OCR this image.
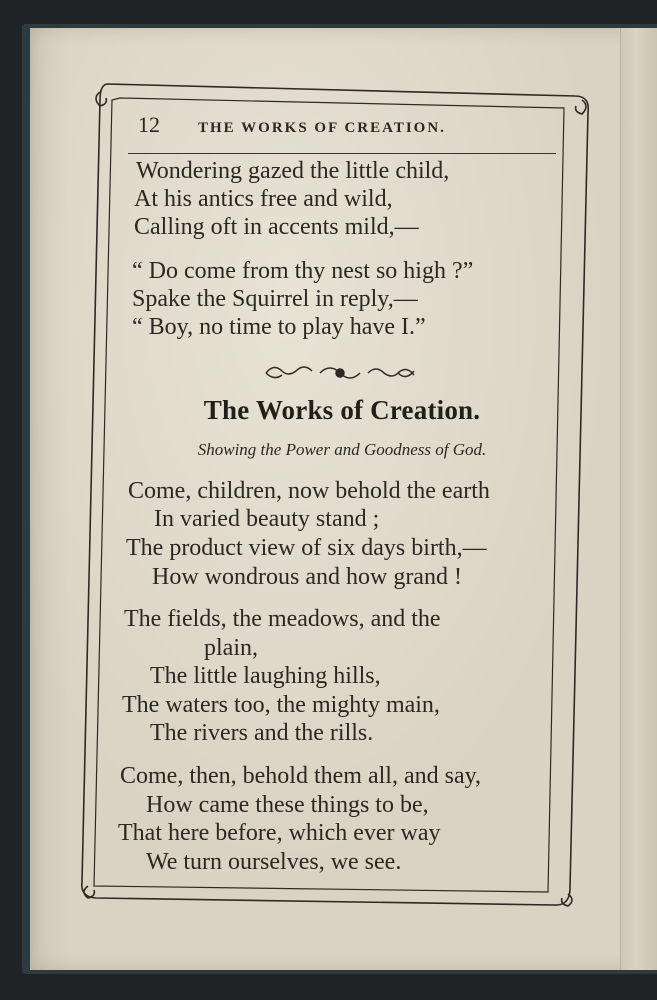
12	THE WORKS OF CREATION.
Wondering gazed the little child,
At his antics free and wild,
Calling oft in accents mild,—
“ Do come from thy nest so high ?”
Spake the Squirrel in reply,—
“ Boy, no time to play have I.”
The Works of Creation.
Showing the Power and Goodness of God.
Come, children, now behold the earth
In varied beauty stand ;
The product view of six days birth,—
How wondrous and how grand !
The fields, the meadows, and the
plain,
The little laughing hills,
The waters too, the mighty main,
The rivers and the rills.
Come, then, behold them all, and say,
How came these things to be,
That here before, which ever way
We turn ourselves, we see.
